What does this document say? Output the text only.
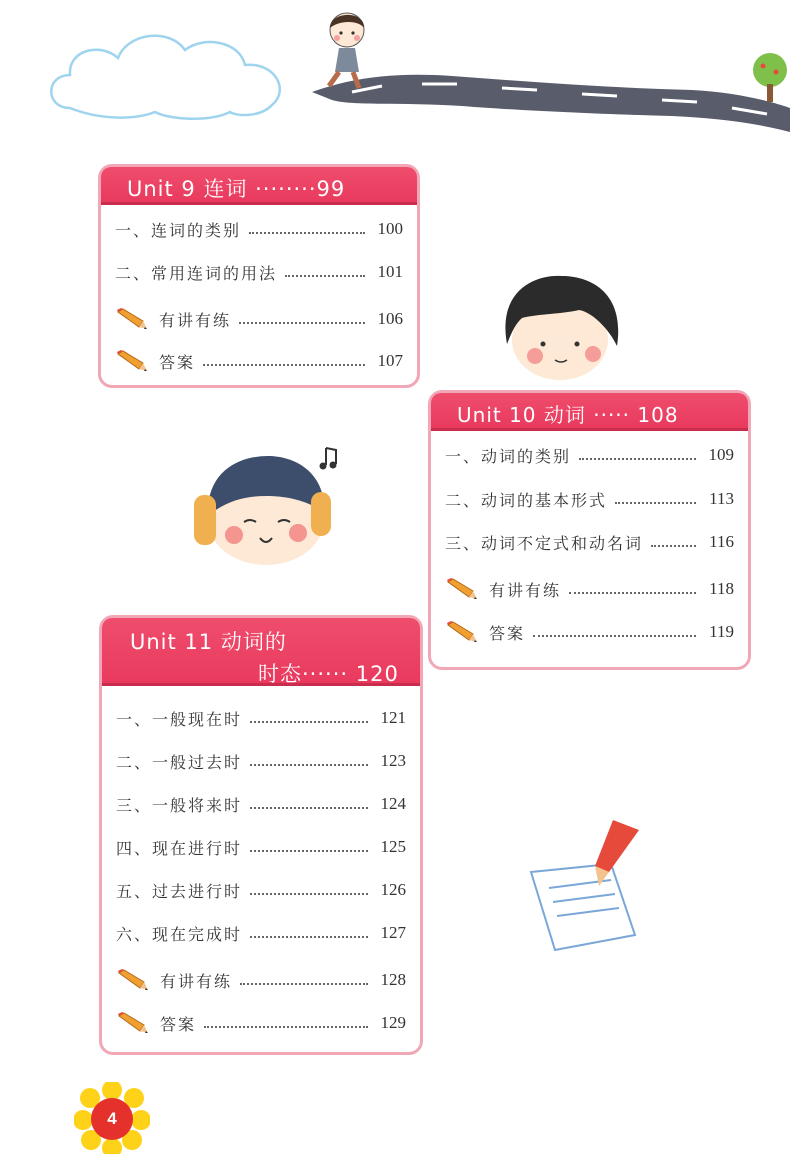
4
Unit 9 连词 ········99
一、连词的类别	100
二、常用连词的用法	101
有讲有练	106
答案	107
Unit 10 动词 ····· 108
一、动词的类别	109
二、动词的基本形式	113
三、动词不定式和动名词	116
有讲有练	118
答案	119
Unit 11 动词的
时态······ 120
一、一般现在时	121
二、一般过去时	123
三、一般将来时	124
四、现在进行时	125
五、过去进行时	126
六、现在完成时	127
有讲有练	128
答案	129
